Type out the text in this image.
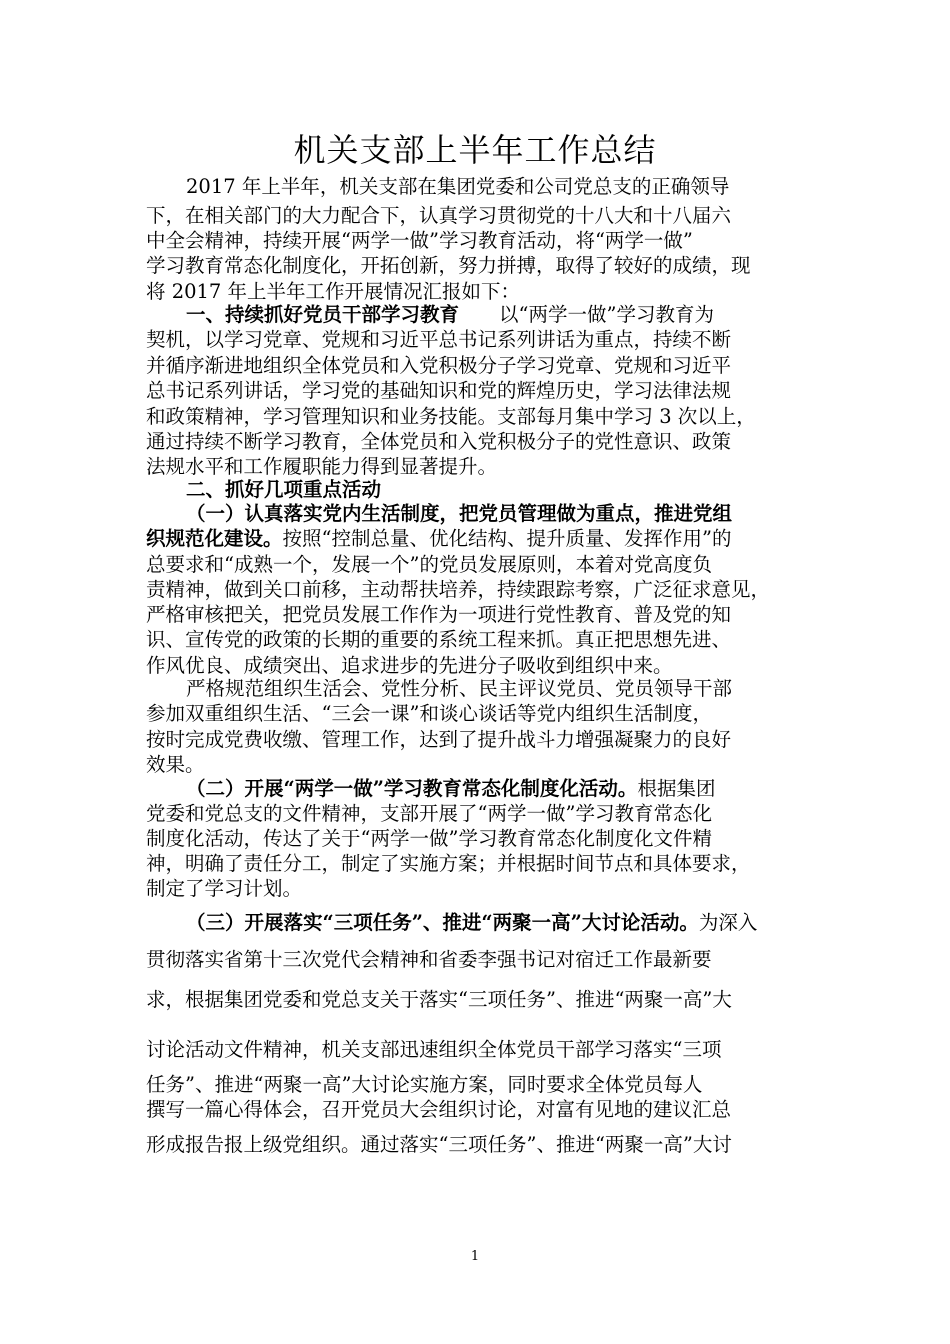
机关支部上半年工作总结
2017 年上半年，机关支部在集团党委和公司党总支的正确领导
下，在相关部门的大力配合下，认真学习贯彻党的十八大和十八届六
中全会精神，持续开展“两学一做”学习教育活动，将“两学一做”
学习教育常态化制度化，开拓创新，努力拼搏，取得了较好的成绩，现
将 2017 年上半年工作开展情况汇报如下：
一、持续抓好党员干部学习教育 以“两学一做”学习教育为
契机，以学习党章、党规和习近平总书记系列讲话为重点，持续不断
并循序渐进地组织全体党员和入党积极分子学习党章、党规和习近平
总书记系列讲话，学习党的基础知识和党的辉煌历史，学习法律法规
和政策精神，学习管理知识和业务技能。支部每月集中学习 3 次以上，
通过持续不断学习教育，全体党员和入党积极分子的党性意识、政策
法规水平和工作履职能力得到显著提升。
二、抓好几项重点活动
（一）认真落实党内生活制度，把党员管理做为重点，推进党组
织规范化建设。按照“控制总量、优化结构、提升质量、发挥作用”的
总要求和“成熟一个，发展一个”的党员发展原则，本着对党高度负
责精神，做到关口前移，主动帮扶培养，持续跟踪考察，广泛征求意见，
严格审核把关，把党员发展工作作为一项进行党性教育、普及党的知
识、宣传党的政策的长期的重要的系统工程来抓。真正把思想先进、
作风优良、成绩突出、追求进步的先进分子吸收到组织中来。
严格规范组织生活会、党性分析、民主评议党员、党员领导干部
参加双重组织生活、“三会一课”和谈心谈话等党内组织生活制度，
按时完成党费收缴、管理工作，达到了提升战斗力增强凝聚力的良好
效果。
（二）开展“两学一做”学习教育常态化制度化活动。根据集团
党委和党总支的文件精神，支部开展了“两学一做”学习教育常态化
制度化活动，传达了关于“两学一做”学习教育常态化制度化文件精
神，明确了责任分工，制定了实施方案；并根据时间节点和具体要求，
制定了学习计划。
（三）开展落实“三项任务”、推进“两聚一高”大讨论活动。为深入
贯彻落实省第十三次党代会精神和省委李强书记对宿迁工作最新要
求，根据集团党委和党总支关于落实“三项任务”、推进“两聚一高”大
讨论活动文件精神，机关支部迅速组织全体党员干部学习落实“三项
任务”、推进“两聚一高”大讨论实施方案，同时要求全体党员每人
撰写一篇心得体会，召开党员大会组织讨论，对富有见地的建议汇总
形成报告报上级党组织。通过落实“三项任务”、推进“两聚一高”大讨
1
